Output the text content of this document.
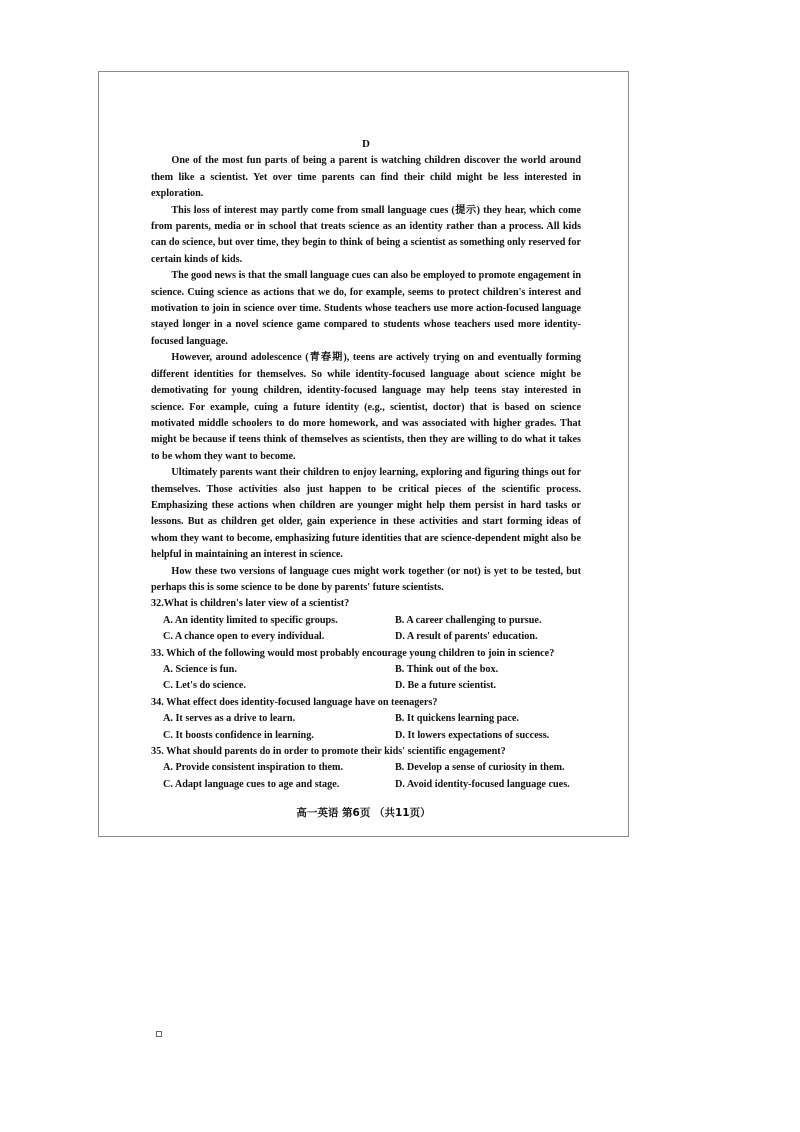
D

One of the most fun parts of being a parent is watching children discover the world around them like a scientist. Yet over time parents can find their child might be less interested in exploration.

This loss of interest may partly come from small language cues (提示) they hear, which come from parents, media or in school that treats science as an identity rather than a process. All kids can do science, but over time, they begin to think of being a scientist as something only reserved for certain kinds of kids.

The good news is that the small language cues can also be employed to promote engagement in science. Cuing science as actions that we do, for example, seems to protect children's interest and motivation to join in science over time. Students whose teachers use more action-focused language stayed longer in a novel science game compared to students whose teachers used more identity-focused language.

However, around adolescence (青春期), teens are actively trying on and eventually forming different identities for themselves. So while identity-focused language about science might be demotivating for young children, identity-focused language may help teens stay interested in science. For example, cuing a future identity (e.g., scientist, doctor) that is based on science motivated middle schoolers to do more homework, and was associated with higher grades. That might be because if teens think of themselves as scientists, then they are willing to do what it takes to be whom they want to become.

Ultimately parents want their children to enjoy learning, exploring and figuring things out for themselves. Those activities also just happen to be critical pieces of the scientific process. Emphasizing these actions when children are younger might help them persist in hard tasks or lessons. But as children get older, gain experience in these activities and start forming ideas of whom they want to become, emphasizing future identities that are science-dependent might also be helpful in maintaining an interest in science.

How these two versions of language cues might work together (or not) is yet to be tested, but perhaps this is some science to be done by parents' future scientists.

32.What is children's later view of a scientist?

A. An identity limited to specific groups.	B. A career challenging to pursue.
C. A chance open to every individual.	D. A result of parents' education.

33. Which of the following would most probably encourage young children to join in science?

A. Science is fun.	B. Think out of the box.
C. Let's do science.	D. Be a future scientist.

34. What effect does identity-focused language have on teenagers?

A. It serves as a drive to learn.	B. It quickens learning pace.
C. It boosts confidence in learning.	D. It lowers expectations of success.

35. What should parents do in order to promote their kids' scientific engagement?

A. Provide consistent inspiration to them.	B. Develop a sense of curiosity in them.
C. Adapt language cues to age and stage.	D. Avoid identity-focused language cues.
高一英语 第6页 （共11页）
